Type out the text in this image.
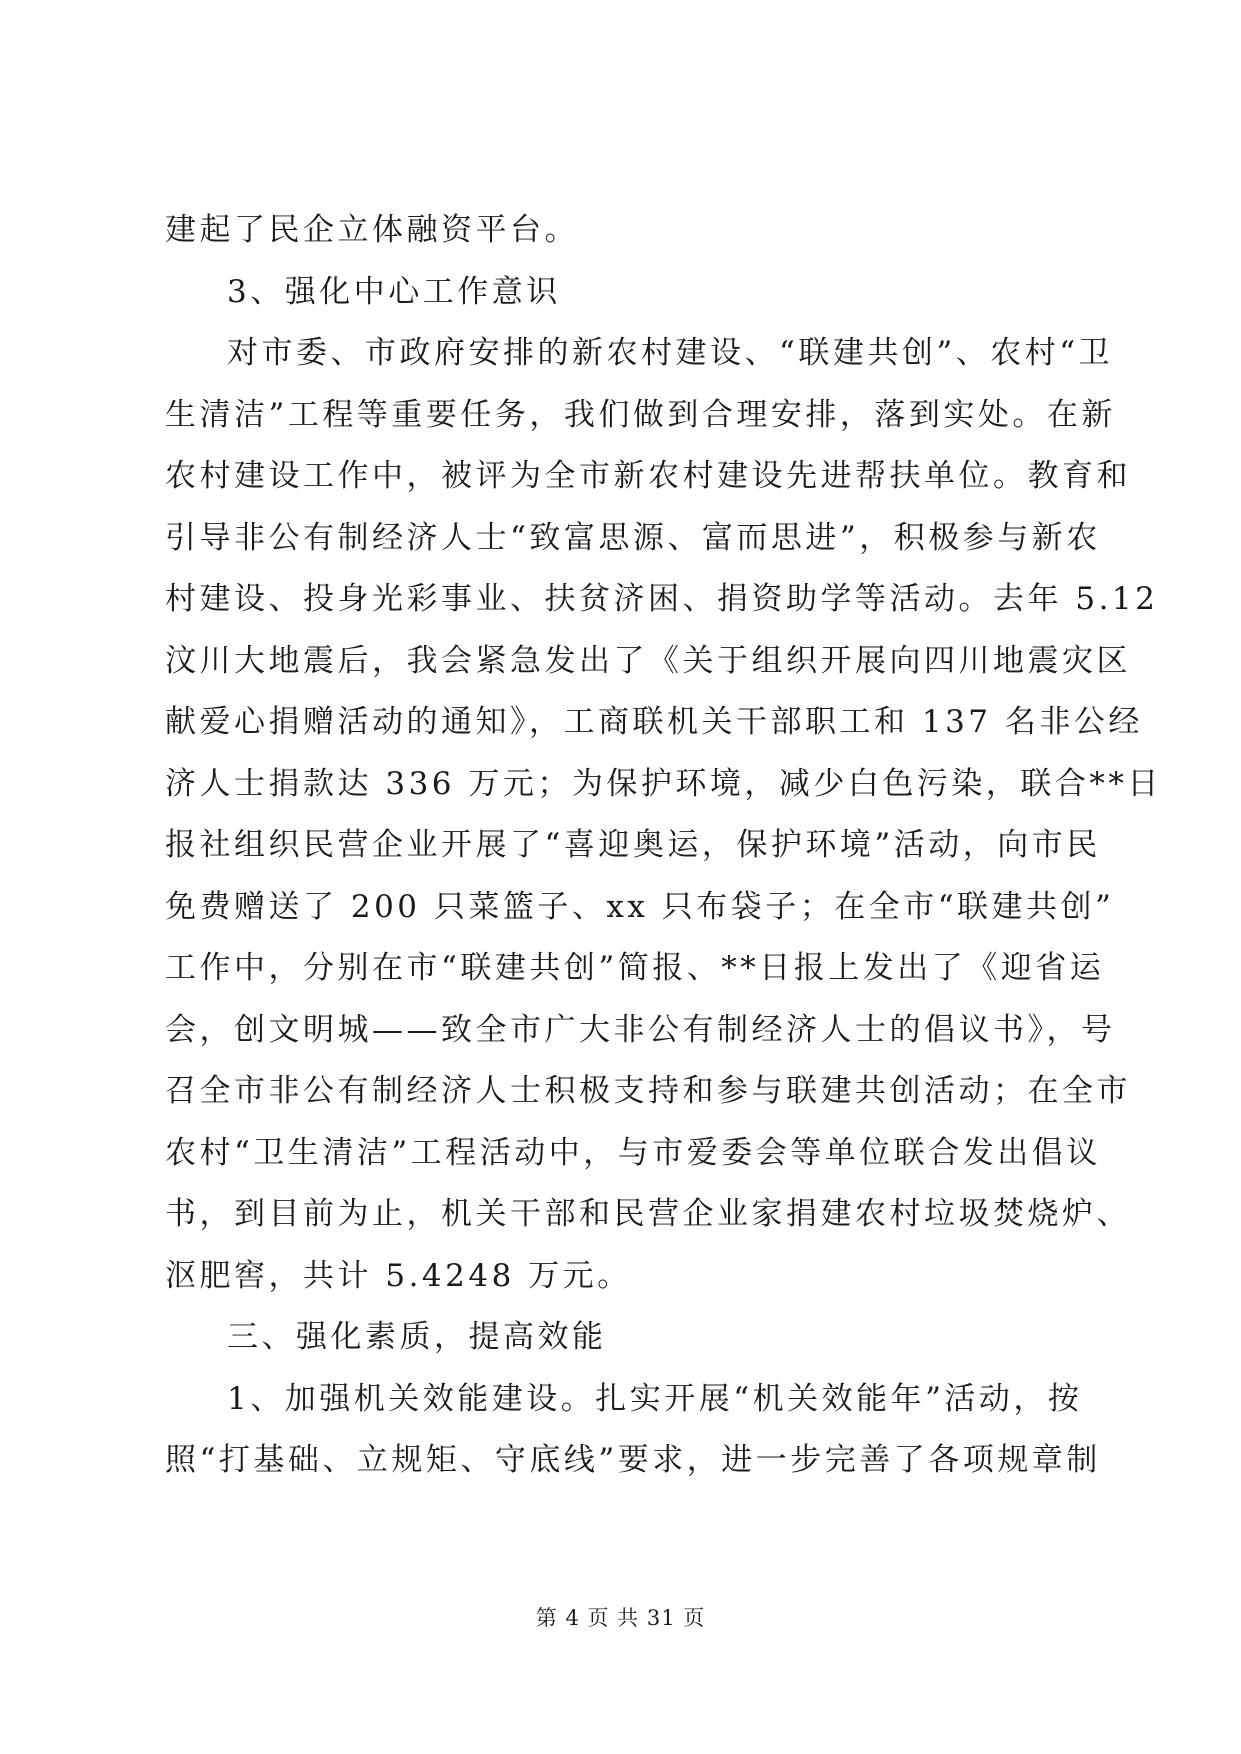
建起了民企立体融资平台。
3、强化中心工作意识
对市委、市政府安排的新农村建设、“联建共创”、农村“卫
生清洁”工程等重要任务，我们做到合理安排，落到实处。在新
农村建设工作中，被评为全市新农村建设先进帮扶单位。教育和
引导非公有制经济人士“致富思源、富而思进”，积极参与新农
村建设、投身光彩事业、扶贫济困、捐资助学等活动。去年 5.12
汶川大地震后，我会紧急发出了《关于组织开展向四川地震灾区
献爱心捐赠活动的通知》，工商联机关干部职工和 137 名非公经
济人士捐款达 336 万元；为保护环境，减少白色污染，联合**日
报社组织民营企业开展了“喜迎奥运，保护环境”活动，向市民
免费赠送了 200 只菜篮子、xx 只布袋子；在全市“联建共创”
工作中，分别在市“联建共创”简报、**日报上发出了《迎省运
会，创文明城——致全市广大非公有制经济人士的倡议书》，号
召全市非公有制经济人士积极支持和参与联建共创活动；在全市
农村“卫生清洁”工程活动中，与市爱委会等单位联合发出倡议
书，到目前为止，机关干部和民营企业家捐建农村垃圾焚烧炉、
沤肥窖，共计 5.4248 万元。
三、强化素质，提高效能
1、加强机关效能建设。扎实开展“机关效能年”活动，按
照“打基础、立规矩、守底线”要求，进一步完善了各项规章制
第 4 页 共 31 页
